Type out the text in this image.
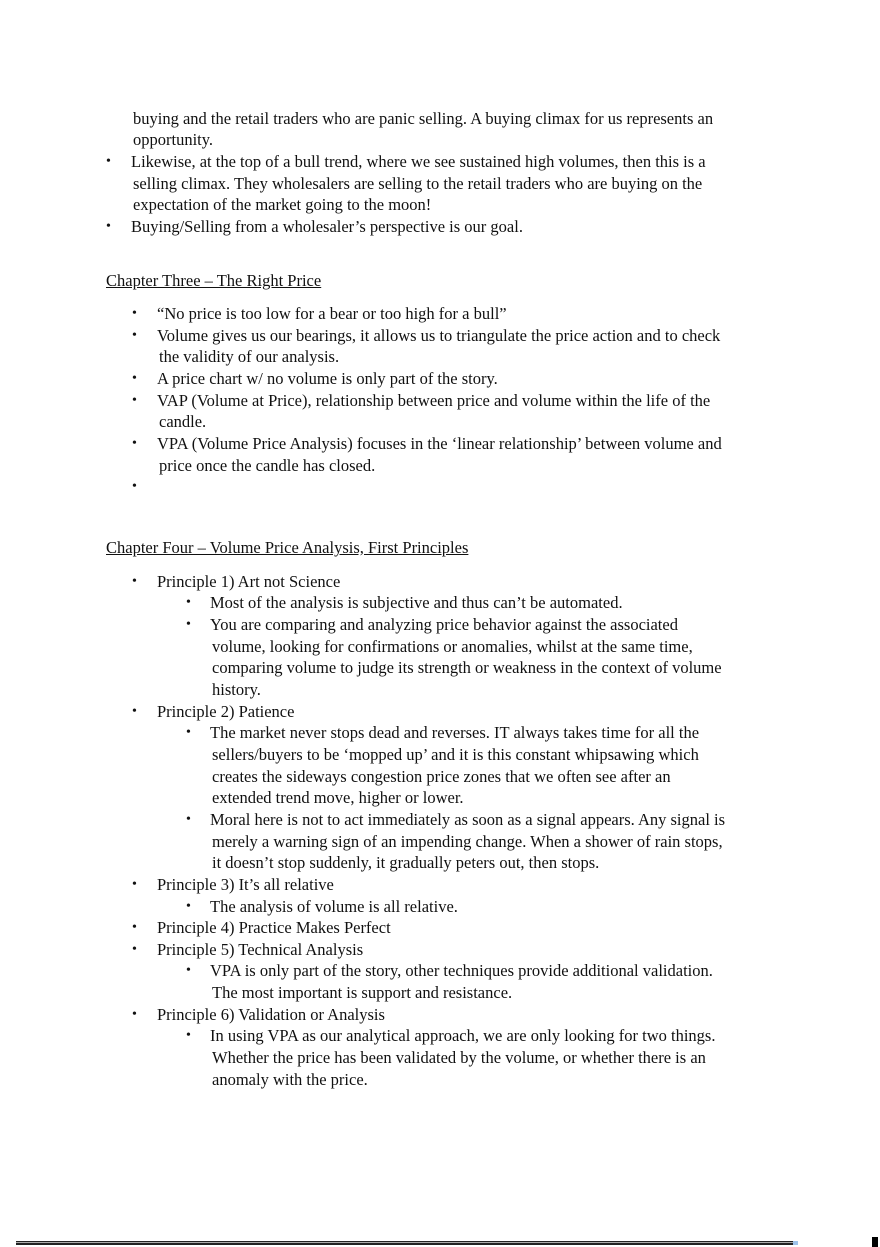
buying and the retail traders who are panic selling. A buying climax for us represents an
opportunity.
• Likewise, at the top of a bull trend, where we see sustained high volumes, then this is a
selling climax. They wholesalers are selling to the retail traders who are buying on the
expectation of the market going to the moon!
• Buying/Selling from a wholesaler’s perspective is our goal.
Chapter Three – The Right Price
• “No price is too low for a bear or too high for a bull”
• Volume gives us our bearings, it allows us to triangulate the price action and to check
the validity of our analysis.
• A price chart w/ no volume is only part of the story.
• VAP (Volume at Price), relationship between price and volume within the life of the
candle.
• VPA (Volume Price Analysis) focuses in the ‘linear relationship’ between volume and
price once the candle has closed.
•
Chapter Four – Volume Price Analysis, First Principles
• Principle 1) Art not Science
• Most of the analysis is subjective and thus can’t be automated.
• You are comparing and analyzing price behavior against the associated
volume, looking for confirmations or anomalies, whilst at the same time,
comparing volume to judge its strength or weakness in the context of volume
history.
• Principle 2) Patience
• The market never stops dead and reverses. IT always takes time for all the
sellers/buyers to be ‘mopped up’ and it is this constant whipsawing which
creates the sideways congestion price zones that we often see after an
extended trend move, higher or lower.
• Moral here is not to act immediately as soon as a signal appears. Any signal is
merely a warning sign of an impending change. When a shower of rain stops,
it doesn’t stop suddenly, it gradually peters out, then stops.
• Principle 3) It’s all relative
• The analysis of volume is all relative.
• Principle 4) Practice Makes Perfect
• Principle 5) Technical Analysis
• VPA is only part of the story, other techniques provide additional validation.
The most important is support and resistance.
• Principle 6) Validation or Analysis
• In using VPA as our analytical approach, we are only looking for two things.
Whether the price has been validated by the volume, or whether there is an
anomaly with the price.
